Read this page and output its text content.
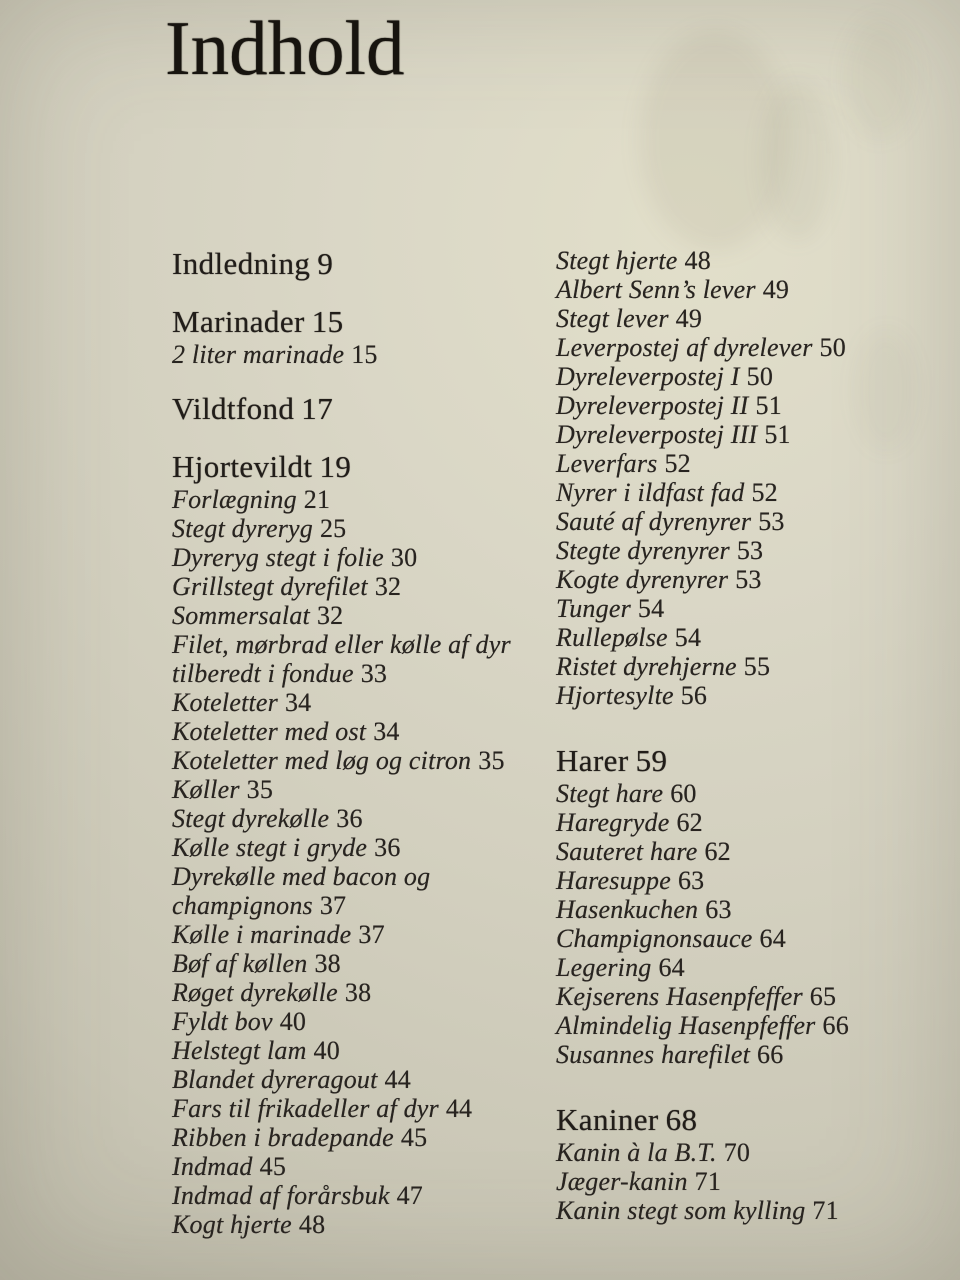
Indhold
Indledning 9
Marinader 15
2 liter marinade 15
Vildtfond 17
Hjortevildt 19
Forlægning 21
Stegt dyreryg 25
Dyreryg stegt i folie 30
Grillstegt dyrefilet 32
Sommersalat 32
Filet, mørbrad eller kølle af dyr tilberedt i fondue 33
Koteletter 34
Koteletter med ost 34
Koteletter med løg og citron 35
Køller 35
Stegt dyrekølle 36
Kølle stegt i gryde 36
Dyrekølle med bacon og champignons 37
Kølle i marinade 37
Bøf af køllen 38
Røget dyrekølle 38
Fyldt bov 40
Helstegt lam 40
Blandet dyreragout 44
Fars til frikadeller af dyr 44
Ribben i bradepande 45
Indmad 45
Indmad af forårsbuk 47
Kogt hjerte 48
Stegt hjerte 48
Albert Senn’s lever 49
Stegt lever 49
Leverpostej af dyrelever 50
Dyreleverpostej I 50
Dyreleverpostej II 51
Dyreleverpostej III 51
Leverfars 52
Nyrer i ildfast fad 52
Sauté af dyrenyrer 53
Stegte dyrenyrer 53
Kogte dyrenyrer 53
Tunger 54
Rullepølse 54
Ristet dyrehjerne 55
Hjortesylte 56
Harer 59
Stegt hare 60
Haregryde 62
Sauteret hare 62
Haresuppe 63
Hasenkuchen 63
Champignonsauce 64
Legering 64
Kejserens Hasenpfeffer 65
Almindelig Hasenpfeffer 66
Susannes harefilet 66
Kaniner 68
Kanin à la B.T. 70
Jæger-kanin 71
Kanin stegt som kylling 71
